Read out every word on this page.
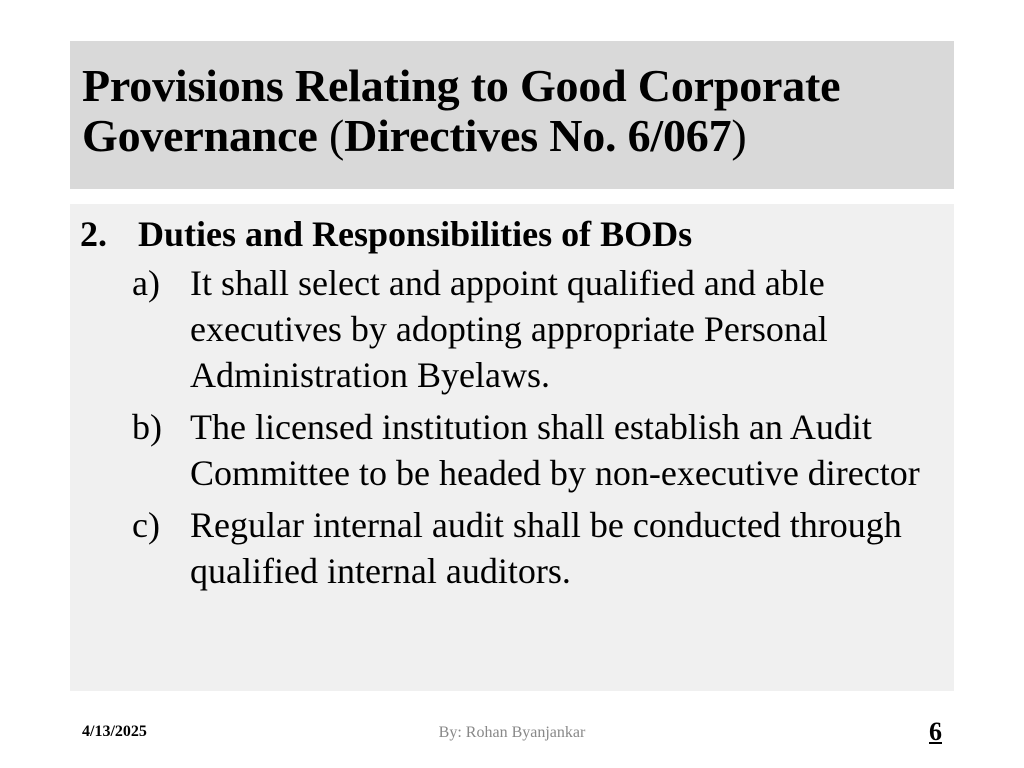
Provisions Relating to Good Corporate Governance (Directives No. 6/067)
2. Duties and Responsibilities of BODs
a) It shall select and appoint qualified and able executives by adopting appropriate Personal Administration Byelaws.
b) The licensed institution shall establish an Audit Committee to be headed by non-executive director
c) Regular internal audit shall be conducted through qualified internal auditors.
4/13/2025	By: Rohan Byanjankar	6
